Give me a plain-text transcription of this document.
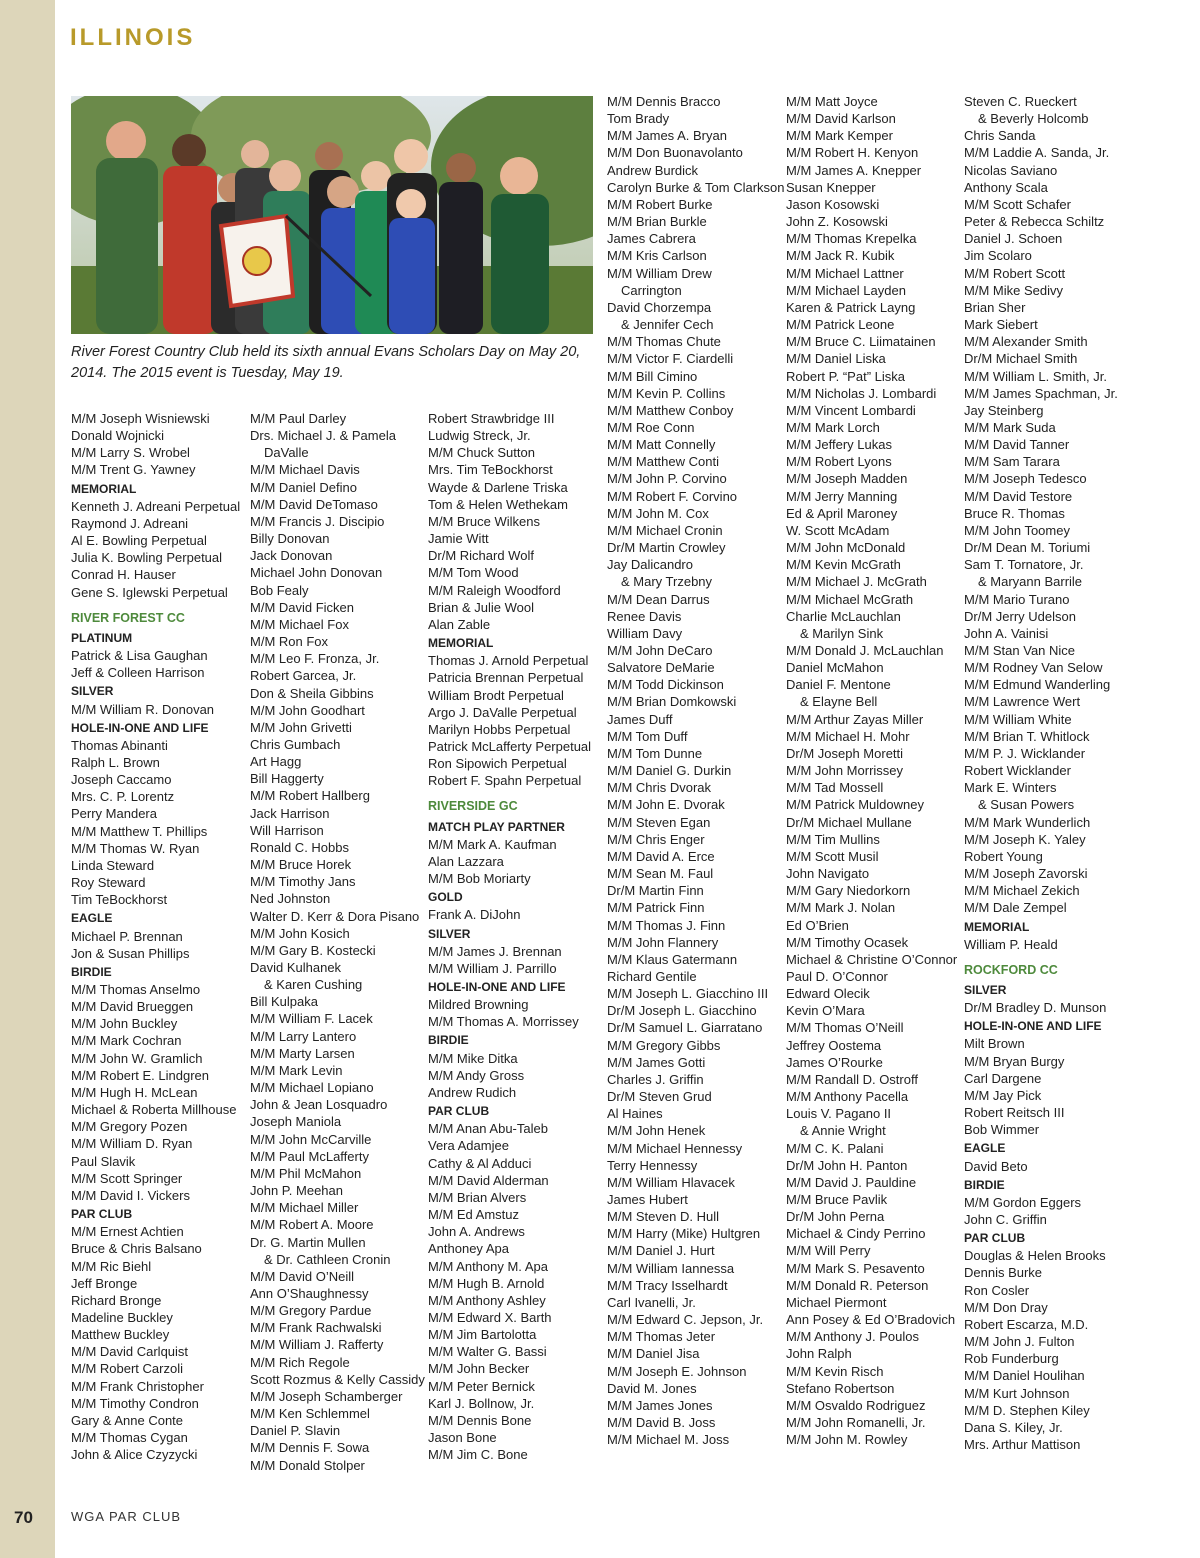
ILLINOIS
River Forest Country Club held its sixth annual Evans Scholars Day on May 20, 2014. The 2015 event is Tuesday, May 19.
M/M Joseph Wisniewski
Donald Wojnicki
M/M Larry S. Wrobel
M/M Trent G. Yawney
MEMORIAL
Kenneth J. Adreani Perpetual
Raymond J. Adreani
Al E. Bowling Perpetual
Julia K. Bowling Perpetual
Conrad H. Hauser
Gene S. Iglewski Perpetual
RIVER FOREST CC
PLATINUM
Patrick & Lisa Gaughan
Jeff & Colleen Harrison
SILVER
M/M William R. Donovan
HOLE-IN-ONE AND LIFE
Thomas Abinanti
Ralph L. Brown
Joseph Caccamo
Mrs. C. P. Lorentz
Perry Mandera
M/M Matthew T. Phillips
M/M Thomas W. Ryan
Linda Steward
Roy Steward
Tim TeBockhorst
EAGLE
Michael P. Brennan
Jon & Susan Phillips
BIRDIE
M/M Thomas Anselmo
M/M David Brueggen
M/M John Buckley
M/M Mark Cochran
M/M John W. Gramlich
M/M Robert E. Lindgren
M/M Hugh H. McLean
Michael & Roberta Millhouse
M/M Gregory Pozen
M/M William D. Ryan
Paul Slavik
M/M Scott Springer
M/M David I. Vickers
PAR CLUB
M/M Ernest Achtien
Bruce & Chris Balsano
M/M Ric Biehl
Jeff Bronge
Richard Bronge
Madeline Buckley
Matthew Buckley
M/M David Carlquist
M/M Robert Carzoli
M/M Frank Christopher
M/M Timothy Condron
Gary & Anne Conte
M/M Thomas Cygan
John & Alice Czyzycki
M/M Paul Darley
Drs. Michael J. & Pamela
DaValle
M/M Michael Davis
M/M Daniel Defino
M/M David DeTomaso
M/M Francis J. Discipio
Billy Donovan
Jack Donovan
Michael John Donovan
Bob Fealy
M/M David Ficken
M/M Michael Fox
M/M Ron Fox
M/M Leo F. Fronza, Jr.
Robert Garcea, Jr.
Don & Sheila Gibbins
M/M John Goodhart
M/M John Grivetti
Chris Gumbach
Art Hagg
Bill Haggerty
M/M Robert Hallberg
Jack Harrison
Will Harrison
Ronald C. Hobbs
M/M Bruce Horek
M/M Timothy Jans
Ned Johnston
Walter D. Kerr & Dora Pisano
M/M John Kosich
M/M Gary B. Kostecki
David Kulhanek
& Karen Cushing
Bill Kulpaka
M/M William F. Lacek
M/M Larry Lantero
M/M Marty Larsen
M/M Mark Levin
M/M Michael Lopiano
John & Jean Losquadro
Joseph Maniola
M/M John McCarville
M/M Paul McLafferty
M/M Phil McMahon
John P. Meehan
M/M Michael Miller
M/M Robert A. Moore
Dr. G. Martin Mullen
& Dr. Cathleen Cronin
M/M David O’Neill
Ann O’Shaughnessy
M/M Gregory Pardue
M/M Frank Rachwalski
M/M William J. Rafferty
M/M Rich Regole
Scott Rozmus & Kelly Cassidy
M/M Joseph Schamberger
M/M Ken Schlemmel
Daniel P. Slavin
M/M Dennis F. Sowa
M/M Donald Stolper
Robert Strawbridge III
Ludwig Streck, Jr.
M/M Chuck Sutton
Mrs. Tim TeBockhorst
Wayde & Darlene Triska
Tom & Helen Wethekam
M/M Bruce Wilkens
Jamie Witt
Dr/M Richard Wolf
M/M Tom Wood
M/M Raleigh Woodford
Brian & Julie Wool
Alan Zable
MEMORIAL
Thomas J. Arnold Perpetual
Patricia Brennan Perpetual
William Brodt Perpetual
Argo J. DaValle Perpetual
Marilyn Hobbs Perpetual
Patrick McLafferty Perpetual
Ron Sipowich Perpetual
Robert F. Spahn Perpetual
RIVERSIDE GC
MATCH PLAY PARTNER
M/M Mark A. Kaufman
Alan Lazzara
M/M Bob Moriarty
GOLD
Frank A. DiJohn
SILVER
M/M James J. Brennan
M/M William J. Parrillo
HOLE-IN-ONE AND LIFE
Mildred Browning
M/M Thomas A. Morrissey
BIRDIE
M/M Mike Ditka
M/M Andy Gross
Andrew Rudich
PAR CLUB
M/M Anan Abu-Taleb
Vera Adamjee
Cathy & Al Adduci
M/M David Alderman
M/M Brian Alvers
M/M Ed Amstuz
John A. Andrews
Anthoney Apa
M/M Anthony M. Apa
M/M Hugh B. Arnold
M/M Anthony Ashley
M/M Edward X. Barth
M/M Jim Bartolotta
M/M Walter G. Bassi
M/M John Becker
M/M Peter Bernick
Karl J. Bollnow, Jr.
M/M Dennis Bone
Jason Bone
M/M Jim C. Bone
M/M Dennis Bracco
Tom Brady
M/M James A. Bryan
M/M Don Buonavolanto
Andrew Burdick
Carolyn Burke & Tom Clarkson
M/M Robert Burke
M/M Brian Burkle
James Cabrera
M/M Kris Carlson
M/M William Drew
Carrington
David Chorzempa
& Jennifer Cech
M/M Thomas Chute
M/M Victor F. Ciardelli
M/M Bill Cimino
M/M Kevin P. Collins
M/M Matthew Conboy
M/M Roe Conn
M/M Matt Connelly
M/M Matthew Conti
M/M John P. Corvino
M/M Robert F. Corvino
M/M John M. Cox
M/M Michael Cronin
Dr/M Martin Crowley
Jay Dalicandro
& Mary Trzebny
M/M Dean Darrus
Renee Davis
William Davy
M/M John DeCaro
Salvatore DeMarie
M/M Todd Dickinson
M/M Brian Domkowski
James Duff
M/M Tom Duff
M/M Tom Dunne
M/M Daniel G. Durkin
M/M Chris Dvorak
M/M John E. Dvorak
M/M Steven Egan
M/M Chris Enger
M/M David A. Erce
M/M Sean M. Faul
Dr/M Martin Finn
M/M Patrick Finn
M/M Thomas J. Finn
M/M John Flannery
M/M Klaus Gatermann
Richard Gentile
M/M Joseph L. Giacchino III
Dr/M Joseph L. Giacchino
Dr/M Samuel L. Giarratano
M/M Gregory Gibbs
M/M James Gotti
Charles J. Griffin
Dr/M Steven Grud
Al Haines
M/M John Henek
M/M Michael Hennessy
Terry Hennessy
M/M William Hlavacek
James Hubert
M/M Steven D. Hull
M/M Harry (Mike) Hultgren
M/M Daniel J. Hurt
M/M William Iannessa
M/M Tracy Isselhardt
Carl Ivanelli, Jr.
M/M Edward C. Jepson, Jr.
M/M Thomas Jeter
M/M Daniel Jisa
M/M Joseph E. Johnson
David M. Jones
M/M James Jones
M/M David B. Joss
M/M Michael M. Joss
M/M Matt Joyce
M/M David Karlson
M/M Mark Kemper
M/M Robert H. Kenyon
M/M James A. Knepper
Susan Knepper
Jason Kosowski
John Z. Kosowski
M/M Thomas Krepelka
M/M Jack R. Kubik
M/M Michael Lattner
M/M Michael Layden
Karen & Patrick Layng
M/M Patrick Leone
M/M Bruce C. Liimatainen
M/M Daniel Liska
Robert P. “Pat” Liska
M/M Nicholas J. Lombardi
M/M Vincent Lombardi
M/M Mark Lorch
M/M Jeffery Lukas
M/M Robert Lyons
M/M Joseph Madden
M/M Jerry Manning
Ed & April Maroney
W. Scott McAdam
M/M John McDonald
M/M Kevin McGrath
M/M Michael J. McGrath
M/M Michael McGrath
Charlie McLauchlan
& Marilyn Sink
M/M Donald J. McLauchlan
Daniel McMahon
Daniel F. Mentone
& Elayne Bell
M/M Arthur Zayas Miller
M/M Michael H. Mohr
Dr/M Joseph Moretti
M/M John Morrissey
M/M Tad Mossell
M/M Patrick Muldowney
Dr/M Michael Mullane
M/M Tim Mullins
M/M Scott Musil
John Navigato
M/M Gary Niedorkorn
M/M Mark J. Nolan
Ed O’Brien
M/M Timothy Ocasek
Michael & Christine O’Connor
Paul D. O’Connor
Edward Olecik
Kevin O’Mara
M/M Thomas O’Neill
Jeffrey Oostema
James O’Rourke
M/M Randall D. Ostroff
M/M Anthony Pacella
Louis V. Pagano II
& Annie Wright
M/M C. K. Palani
Dr/M John H. Panton
M/M David J. Pauldine
M/M Bruce Pavlik
Dr/M John Perna
Michael & Cindy Perrino
M/M Will Perry
M/M Mark S. Pesavento
M/M Donald R. Peterson
Michael Piermont
Ann Posey & Ed O’Bradovich
M/M Anthony J. Poulos
John Ralph
M/M Kevin Risch
Stefano Robertson
M/M Osvaldo Rodriguez
M/M John Romanelli, Jr.
M/M John M. Rowley
Steven C. Rueckert
& Beverly Holcomb
Chris Sanda
M/M Laddie A. Sanda, Jr.
Nicolas Saviano
Anthony Scala
M/M Scott Schafer
Peter & Rebecca Schiltz
Daniel J. Schoen
Jim Scolaro
M/M Robert Scott
M/M Mike Sedivy
Brian Sher
Mark Siebert
M/M Alexander Smith
Dr/M Michael Smith
M/M William L. Smith, Jr.
M/M James Spachman, Jr.
Jay Steinberg
M/M Mark Suda
M/M David Tanner
M/M Sam Tarara
M/M Joseph Tedesco
M/M David Testore
Bruce R. Thomas
M/M John Toomey
Dr/M Dean M. Toriumi
Sam T. Tornatore, Jr.
& Maryann Barrile
M/M Mario Turano
Dr/M Jerry Udelson
John A. Vainisi
M/M Stan Van Nice
M/M Rodney Van Selow
M/M Edmund Wanderling
M/M Lawrence Wert
M/M William White
M/M Brian T. Whitlock
M/M P. J. Wicklander
Robert Wicklander
Mark E. Winters
& Susan Powers
M/M Mark Wunderlich
M/M Joseph K. Yaley
Robert Young
M/M Joseph Zavorski
M/M Michael Zekich
M/M Dale Zempel
MEMORIAL
William P. Heald
ROCKFORD CC
SILVER
Dr/M Bradley D. Munson
HOLE-IN-ONE AND LIFE
Milt Brown
M/M Bryan Burgy
Carl Dargene
M/M Jay Pick
Robert Reitsch III
Bob Wimmer
EAGLE
David Beto
BIRDIE
M/M Gordon Eggers
John C. Griffin
PAR CLUB
Douglas & Helen Brooks
Dennis Burke
Ron Cosler
M/M Don Dray
Robert Escarza, M.D.
M/M John J. Fulton
Rob Funderburg
M/M Daniel Houlihan
M/M Kurt Johnson
M/M D. Stephen Kiley
Dana S. Kiley, Jr.
Mrs. Arthur Mattison
70	WGA PAR CLUB
